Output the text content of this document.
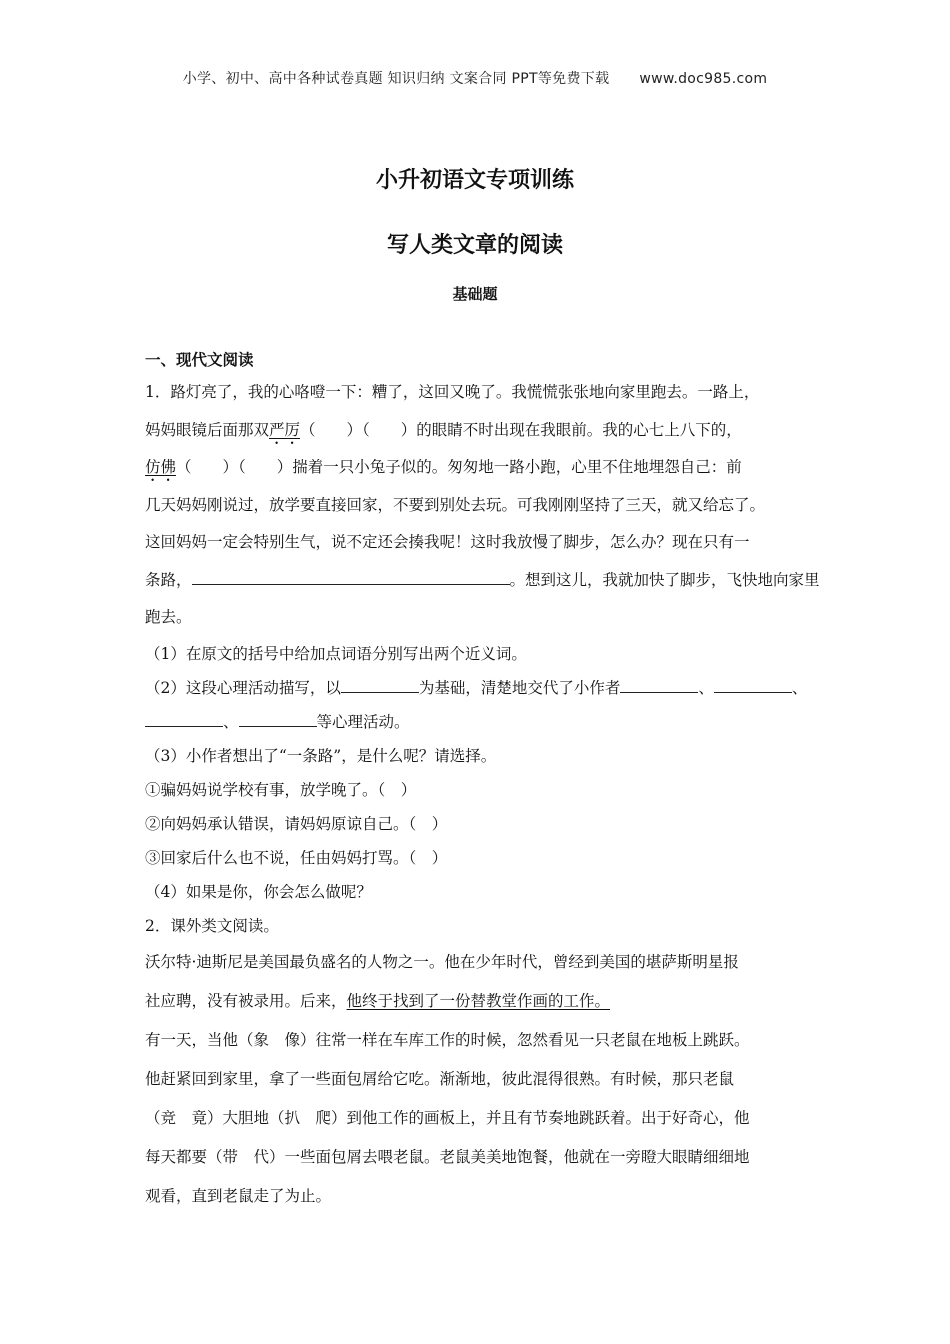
小学、初中、高中各种试卷真题 知识归纳 文案合同 PPT等免费下载 www.doc985.com
小升初语文专项训练
写人类文章的阅读
基础题
一、现代文阅读

1．路灯亮了，我的心咯噔一下：糟了，这回又晚了。我慌慌张张地向家里跑去。一路上，

妈妈眼镜后面那双严厉（　　）（　　）的眼睛不时出现在我眼前。我的心七上八下的，

仿佛（　　）（　　）揣着一只小兔子似的。匆匆地一路小跑，心里不住地埋怨自己：前

几天妈妈刚说过，放学要直接回家，不要到别处去玩。可我刚刚坚持了三天，就又给忘了。

这回妈妈一定会特别生气，说不定还会揍我呢！这时我放慢了脚步，怎么办？现在只有一

条路，	。想到这儿，我就加快了脚步，飞快地向家里

跑去。

（1）在原文的括号中给加点词语分别写出两个近义词。

（2）这段心理活动描写，以	为基础，清楚地交代了小作者	、	、

、	等心理活动。

（3）小作者想出了“一条路”，是什么呢？请选择。

①骗妈妈说学校有事，放学晚了。（　）

②向妈妈承认错误，请妈妈原谅自己。（　）

③回家后什么也不说，任由妈妈打骂。（　）

（4）如果是你，你会怎么做呢？

2．课外类文阅读。

沃尔特·迪斯尼是美国最负盛名的人物之一。他在少年时代，曾经到美国的堪萨斯明星报

社应聘，没有被录用。后来，他终于找到了一份替教堂作画的工作。

有一天，当他（象　像）往常一样在车库工作的时候，忽然看见一只老鼠在地板上跳跃。

他赶紧回到家里，拿了一些面包屑给它吃。渐渐地，彼此混得很熟。有时候，那只老鼠

（竞　竟）大胆地（扒　爬）到他工作的画板上，并且有节奏地跳跃着。出于好奇心，他

每天都要（带　代）一些面包屑去喂老鼠。老鼠美美地饱餐，他就在一旁瞪大眼睛细细地

观看，直到老鼠走了为止。
